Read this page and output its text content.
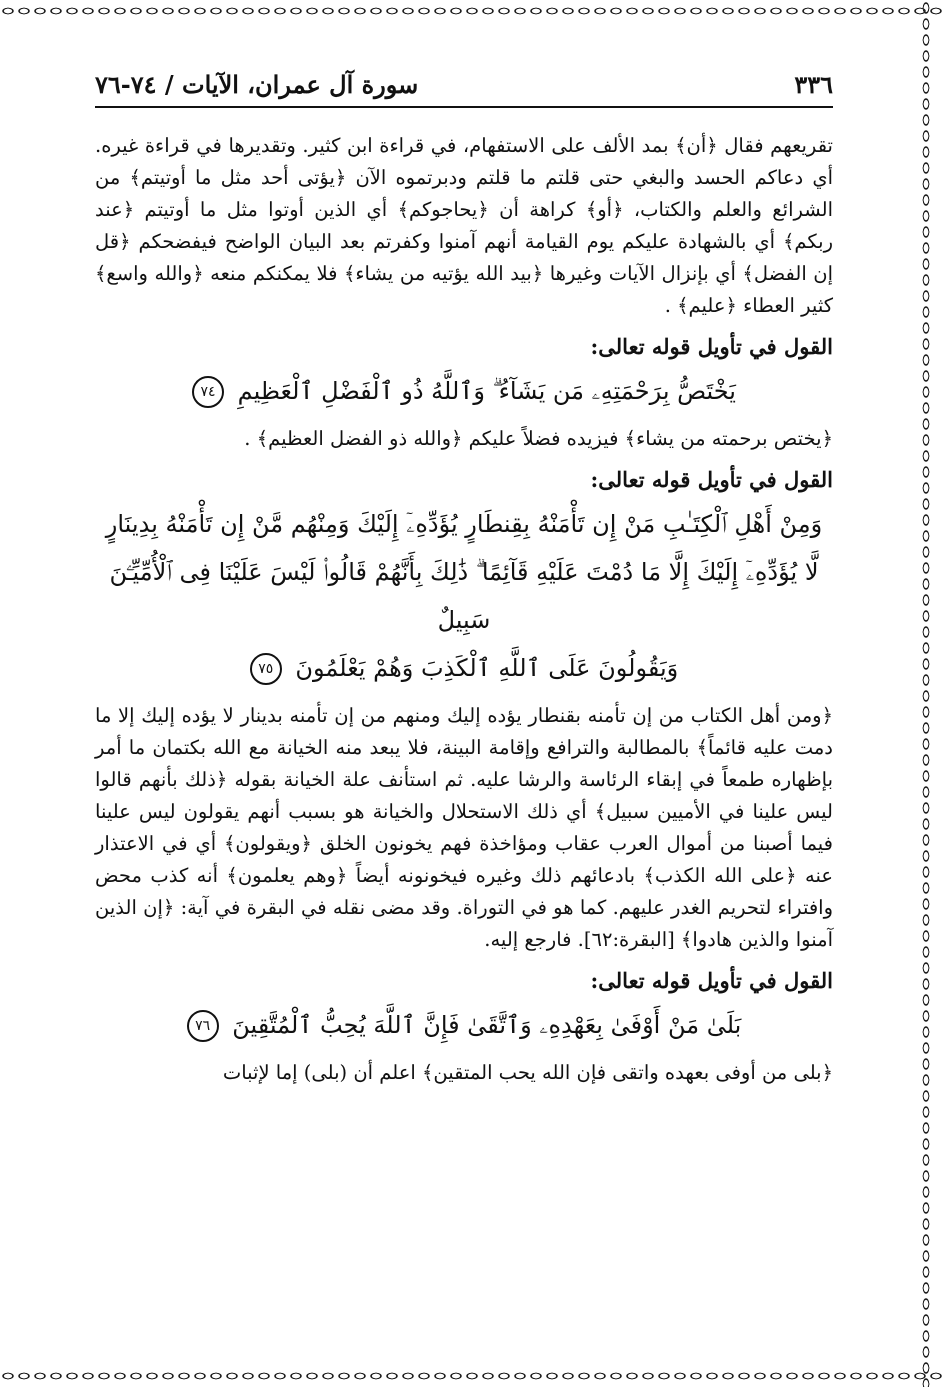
٣٣٦
سورة آل عمران، الآيات / ٧٤-٧٦
تقريعهم فقال ﴿أن﴾ بمد الألف على الاستفهام، في قراءة ابن كثير. وتقديرها في قراءة غيره. أي دعاكم الحسد والبغي حتى قلتم ما قلتم ودبرتموه الآن ﴿يؤتى أحد مثل ما أوتيتم﴾ من الشرائع والعلم والكتاب، ﴿أو﴾ كراهة أن ﴿يحاجوكم﴾ أي الذين أوتوا مثل ما أوتيتم ﴿عند ربكم﴾ أي بالشهادة عليكم يوم القيامة أنهم آمنوا وكفرتم بعد البيان الواضح فيفضحكم ﴿قل إن الفضل﴾ أي بإنزال الآيات وغيرها ﴿بيد الله يؤتيه من يشاء﴾ فلا يمكنكم منعه ﴿والله واسع﴾ كثير العطاء ﴿عليم﴾ .
القول في تأويل قوله تعالى:
يَخْتَصُّ بِرَحْمَتِهِۦ مَن يَشَآءُ ۗ وَٱللَّهُ ذُو ٱلْفَضْلِ ٱلْعَظِيمِ ٧٤
﴿يختص برحمته من يشاء﴾ فيزيده فضلاً عليكم ﴿والله ذو الفضل العظيم﴾ .
القول في تأويل قوله تعالى:
وَمِنْ أَهْلِ ٱلْكِتَـٰبِ مَنْ إِن تَأْمَنْهُ بِقِنطَارٍ يُؤَدِّهِۦٓ إِلَيْكَ وَمِنْهُم مَّنْ إِن تَأْمَنْهُ بِدِينَارٍ
لَّا يُؤَدِّهِۦٓ إِلَيْكَ إِلَّا مَا دُمْتَ عَلَيْهِ قَآئِمًا ۗ ذَٰلِكَ بِأَنَّهُمْ قَالُوا۟ لَيْسَ عَلَيْنَا فِى ٱلْأُمِّيِّـۧنَ سَبِيلٌ
وَيَقُولُونَ عَلَى ٱللَّهِ ٱلْكَذِبَ وَهُمْ يَعْلَمُونَ ٧٥
﴿ومن أهل الكتاب من إن تأمنه بقنطار يؤده إليك ومنهم من إن تأمنه بدينار لا يؤده إليك إلا ما دمت عليه قائماً﴾ بالمطالبة والترافع وإقامة البينة، فلا يبعد منه الخيانة مع الله بكتمان ما أمر بإظهاره طمعاً في إبقاء الرئاسة والرشا عليه. ثم استأنف علة الخيانة بقوله ﴿ذلك بأنهم قالوا ليس علينا في الأميين سبيل﴾ أي ذلك الاستحلال والخيانة هو بسبب أنهم يقولون ليس علينا فيما أصبنا من أموال العرب عقاب ومؤاخذة فهم يخونون الخلق ﴿ويقولون﴾ أي في الاعتذار عنه ﴿على الله الكذب﴾ بادعائهم ذلك وغيره فيخونونه أيضاً ﴿وهم يعلمون﴾ أنه كذب محض وافتراء لتحريم الغدر عليهم. كما هو في التوراة. وقد مضى نقله في البقرة في آية: ﴿إن الذين آمنوا والذين هادوا﴾ [البقرة:٦٢]. فارجع إليه.
القول في تأويل قوله تعالى:
بَلَىٰ مَنْ أَوْفَىٰ بِعَهْدِهِۦ وَٱتَّقَىٰ فَإِنَّ ٱللَّهَ يُحِبُّ ٱلْمُتَّقِينَ ٧٦
﴿بلى من أوفى بعهده واتقى فإن الله يحب المتقين﴾ اعلم أن (بلى) إما لإثبات
